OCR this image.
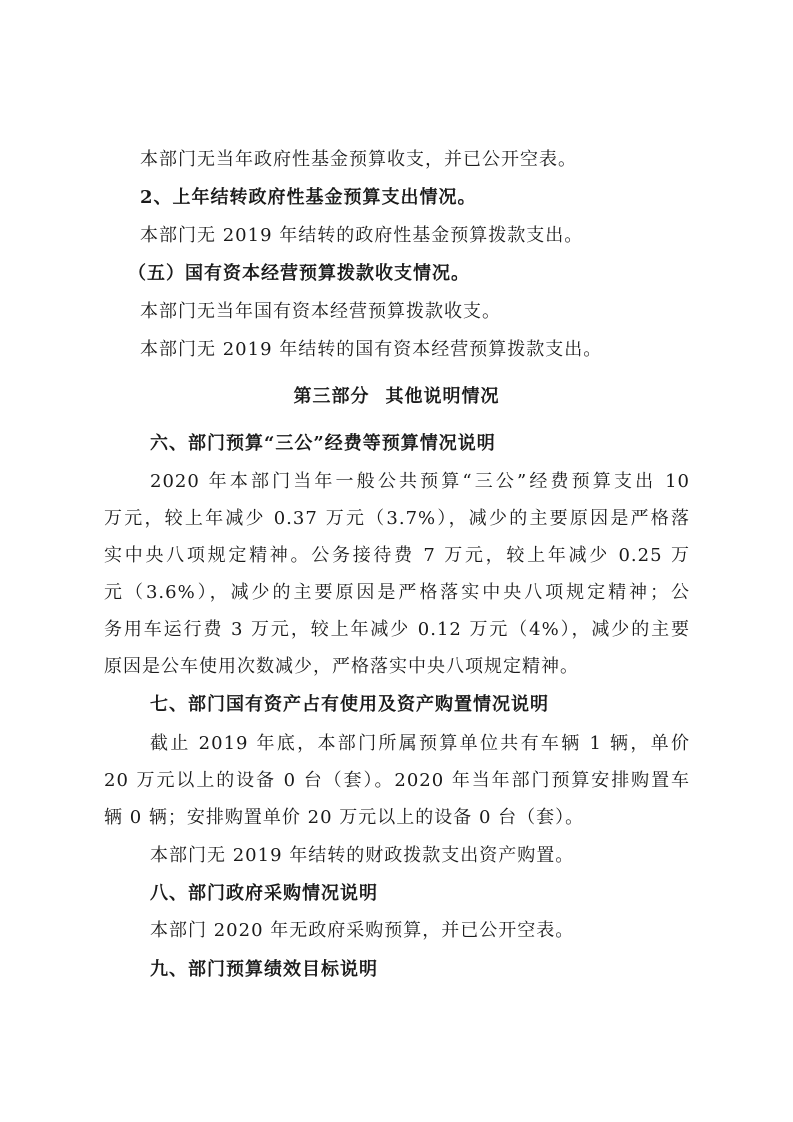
本部门无当年政府性基金预算收支，并已公开空表。
2、上年结转政府性基金预算支出情况。
本部门无 2019 年结转的政府性基金预算拨款支出。
（五）国有资本经营预算拨款收支情况。
本部门无当年国有资本经营预算拨款收支。
本部门无 2019 年结转的国有资本经营预算拨款支出。
第三部分 其他说明情况
六、部门预算“三公”经费等预算情况说明
2020 年本部门当年一般公共预算“三公”经费预算支出 10
万元，较上年减少 0.37 万元（3.7%），减少的主要原因是严格落
实中央八项规定精神。公务接待费 7 万元，较上年减少 0.25 万
元（3.6%），减少的主要原因是严格落实中央八项规定精神；公
务用车运行费 3 万元，较上年减少 0.12 万元（4%），减少的主要
原因是公车使用次数减少，严格落实中央八项规定精神。
七、部门国有资产占有使用及资产购置情况说明
截止 2019 年底，本部门所属预算单位共有车辆 1 辆，单价
20 万元以上的设备 0 台（套）。2020 年当年部门预算安排购置车
辆 0 辆；安排购置单价 20 万元以上的设备 0 台（套）。
本部门无 2019 年结转的财政拨款支出资产购置。
八、部门政府采购情况说明
本部门 2020 年无政府采购预算，并已公开空表。
九、部门预算绩效目标说明
